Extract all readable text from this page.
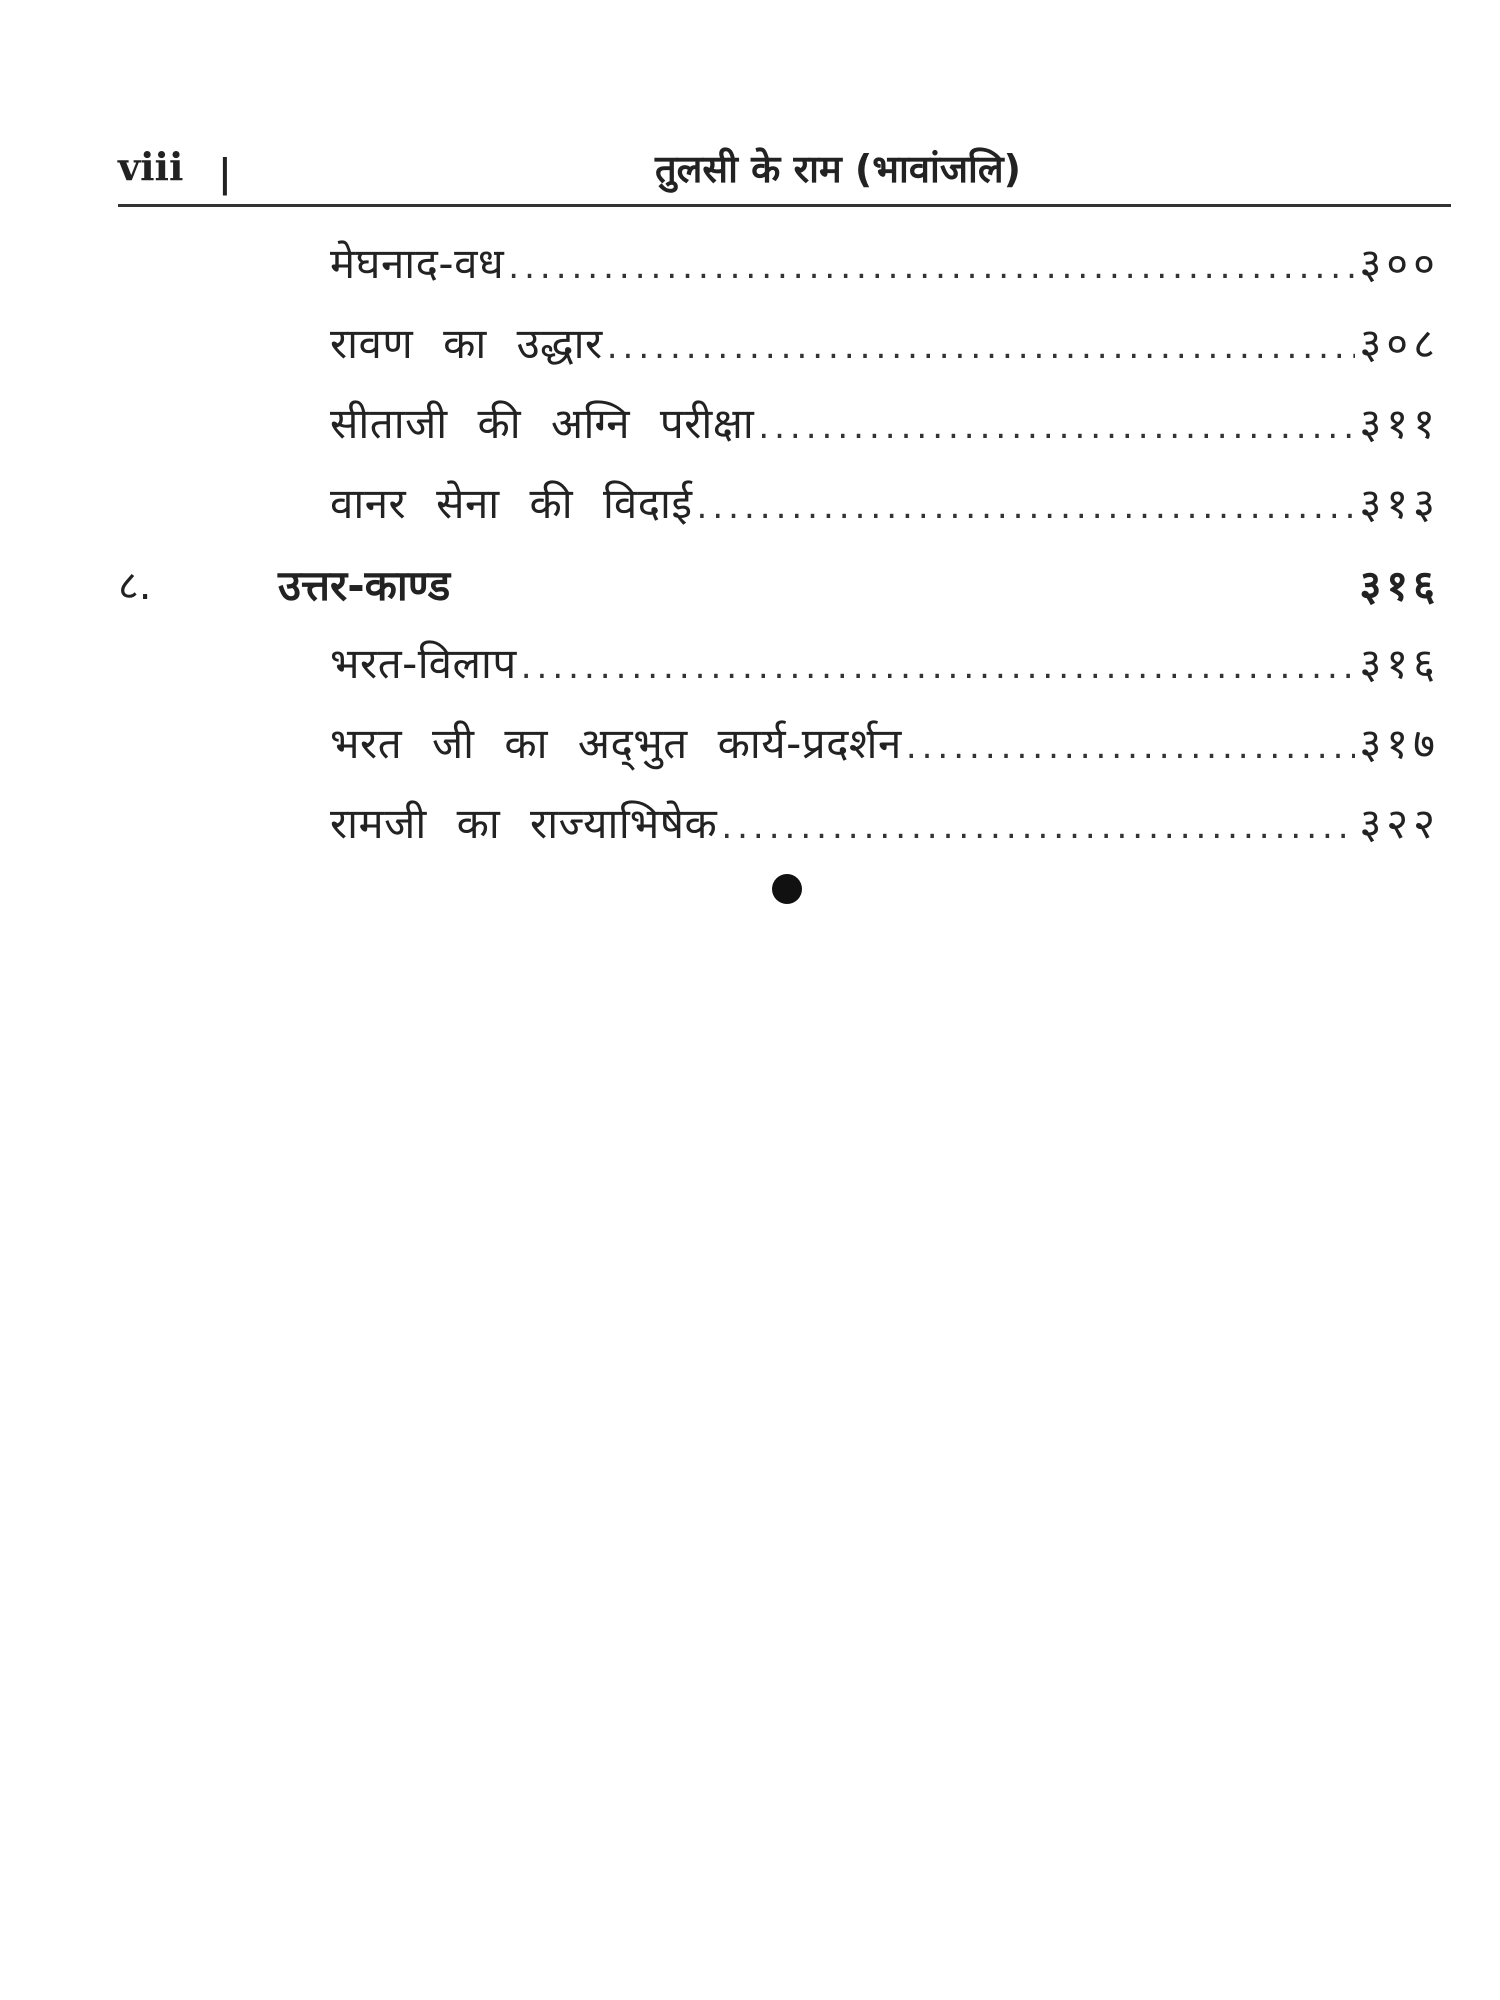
viii |	तुलसी के राम (भावांजलि)
मेघनाद-वध .....	३००
रावण का उद्धार .....	३०८
सीताजी की अग्नि परीक्षा .....	३११
वानर सेना की विदाई .....	३१३
८.	उत्तर-काण्ड	३१६
भरत-विलाप .....	३१६
भरत जी का अद्‌भुत कार्य-प्रदर्शन .....	३१७
रामजी का राज्याभिषेक .....	३२२
